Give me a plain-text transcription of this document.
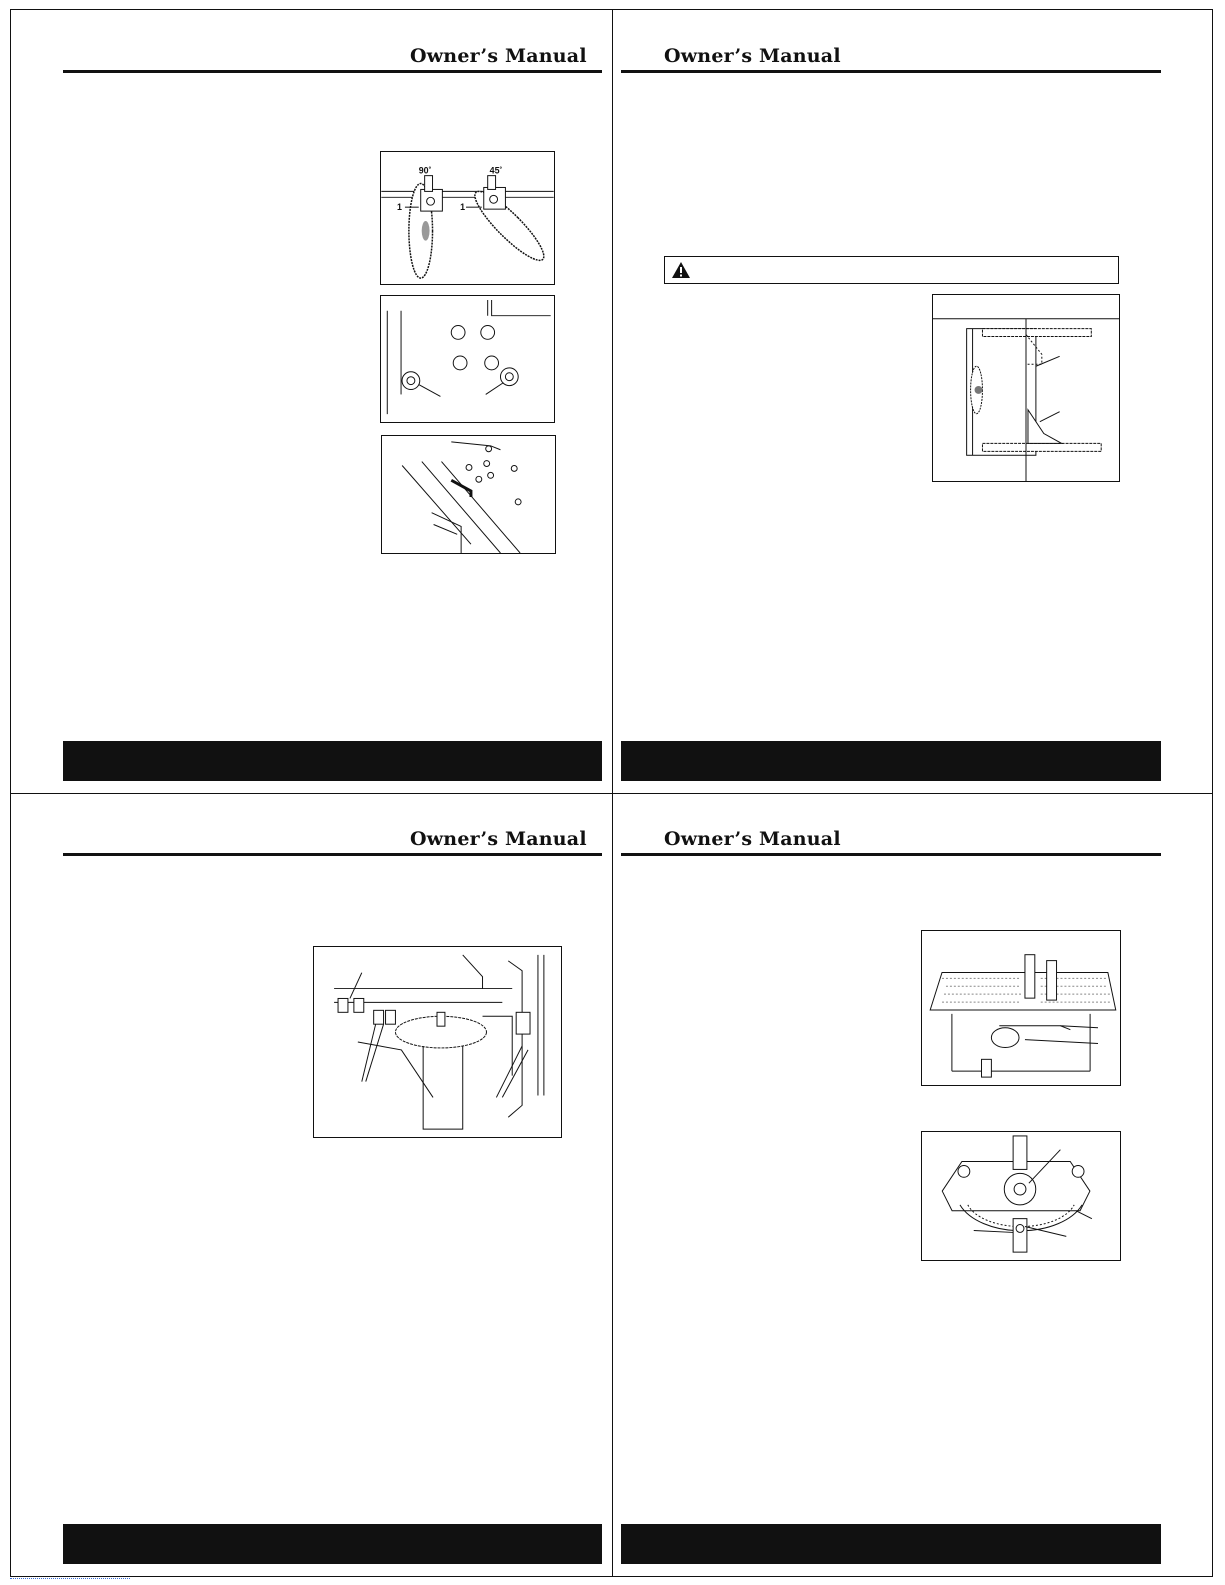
Owner’s Manual
90˚	45˚
1	1
Owner’s Manual
Owner’s Manual	Owner’s Manual
